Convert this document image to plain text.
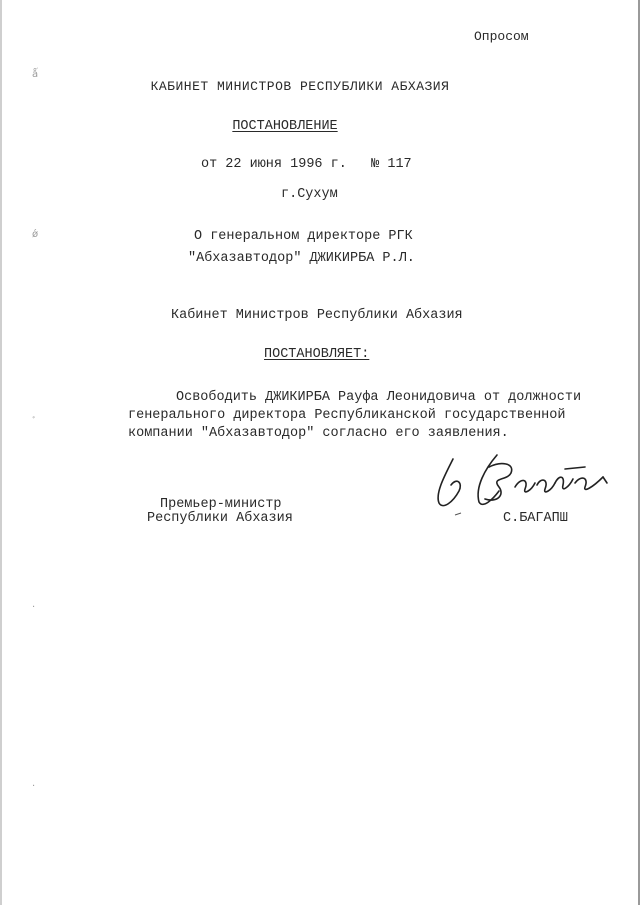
ǻ
ǿ
ﾞ
·
·
Опросом
КАБИНЕТ МИНИСТРОВ РЕСПУБЛИКИ АБХАЗИЯ
ПОСТАНОВЛЕНИЕ
от 22 июня 1996 г. № 117
г.Сухум
О генеральном директоре РГК
"Абхазавтодор" ДЖИКИРБА Р.Л.
Кабинет Министров Республики Абхазия
ПОСТАНОВЛЯЕТ:
Освободить ДЖИКИРБА Рауфа Леонидовича от должности
генерального директора Республиканской государственной
компании "Абхазавтодор" согласно его заявления.
Премьер-министр
Республики Абхазия	С.БАГАПШ
